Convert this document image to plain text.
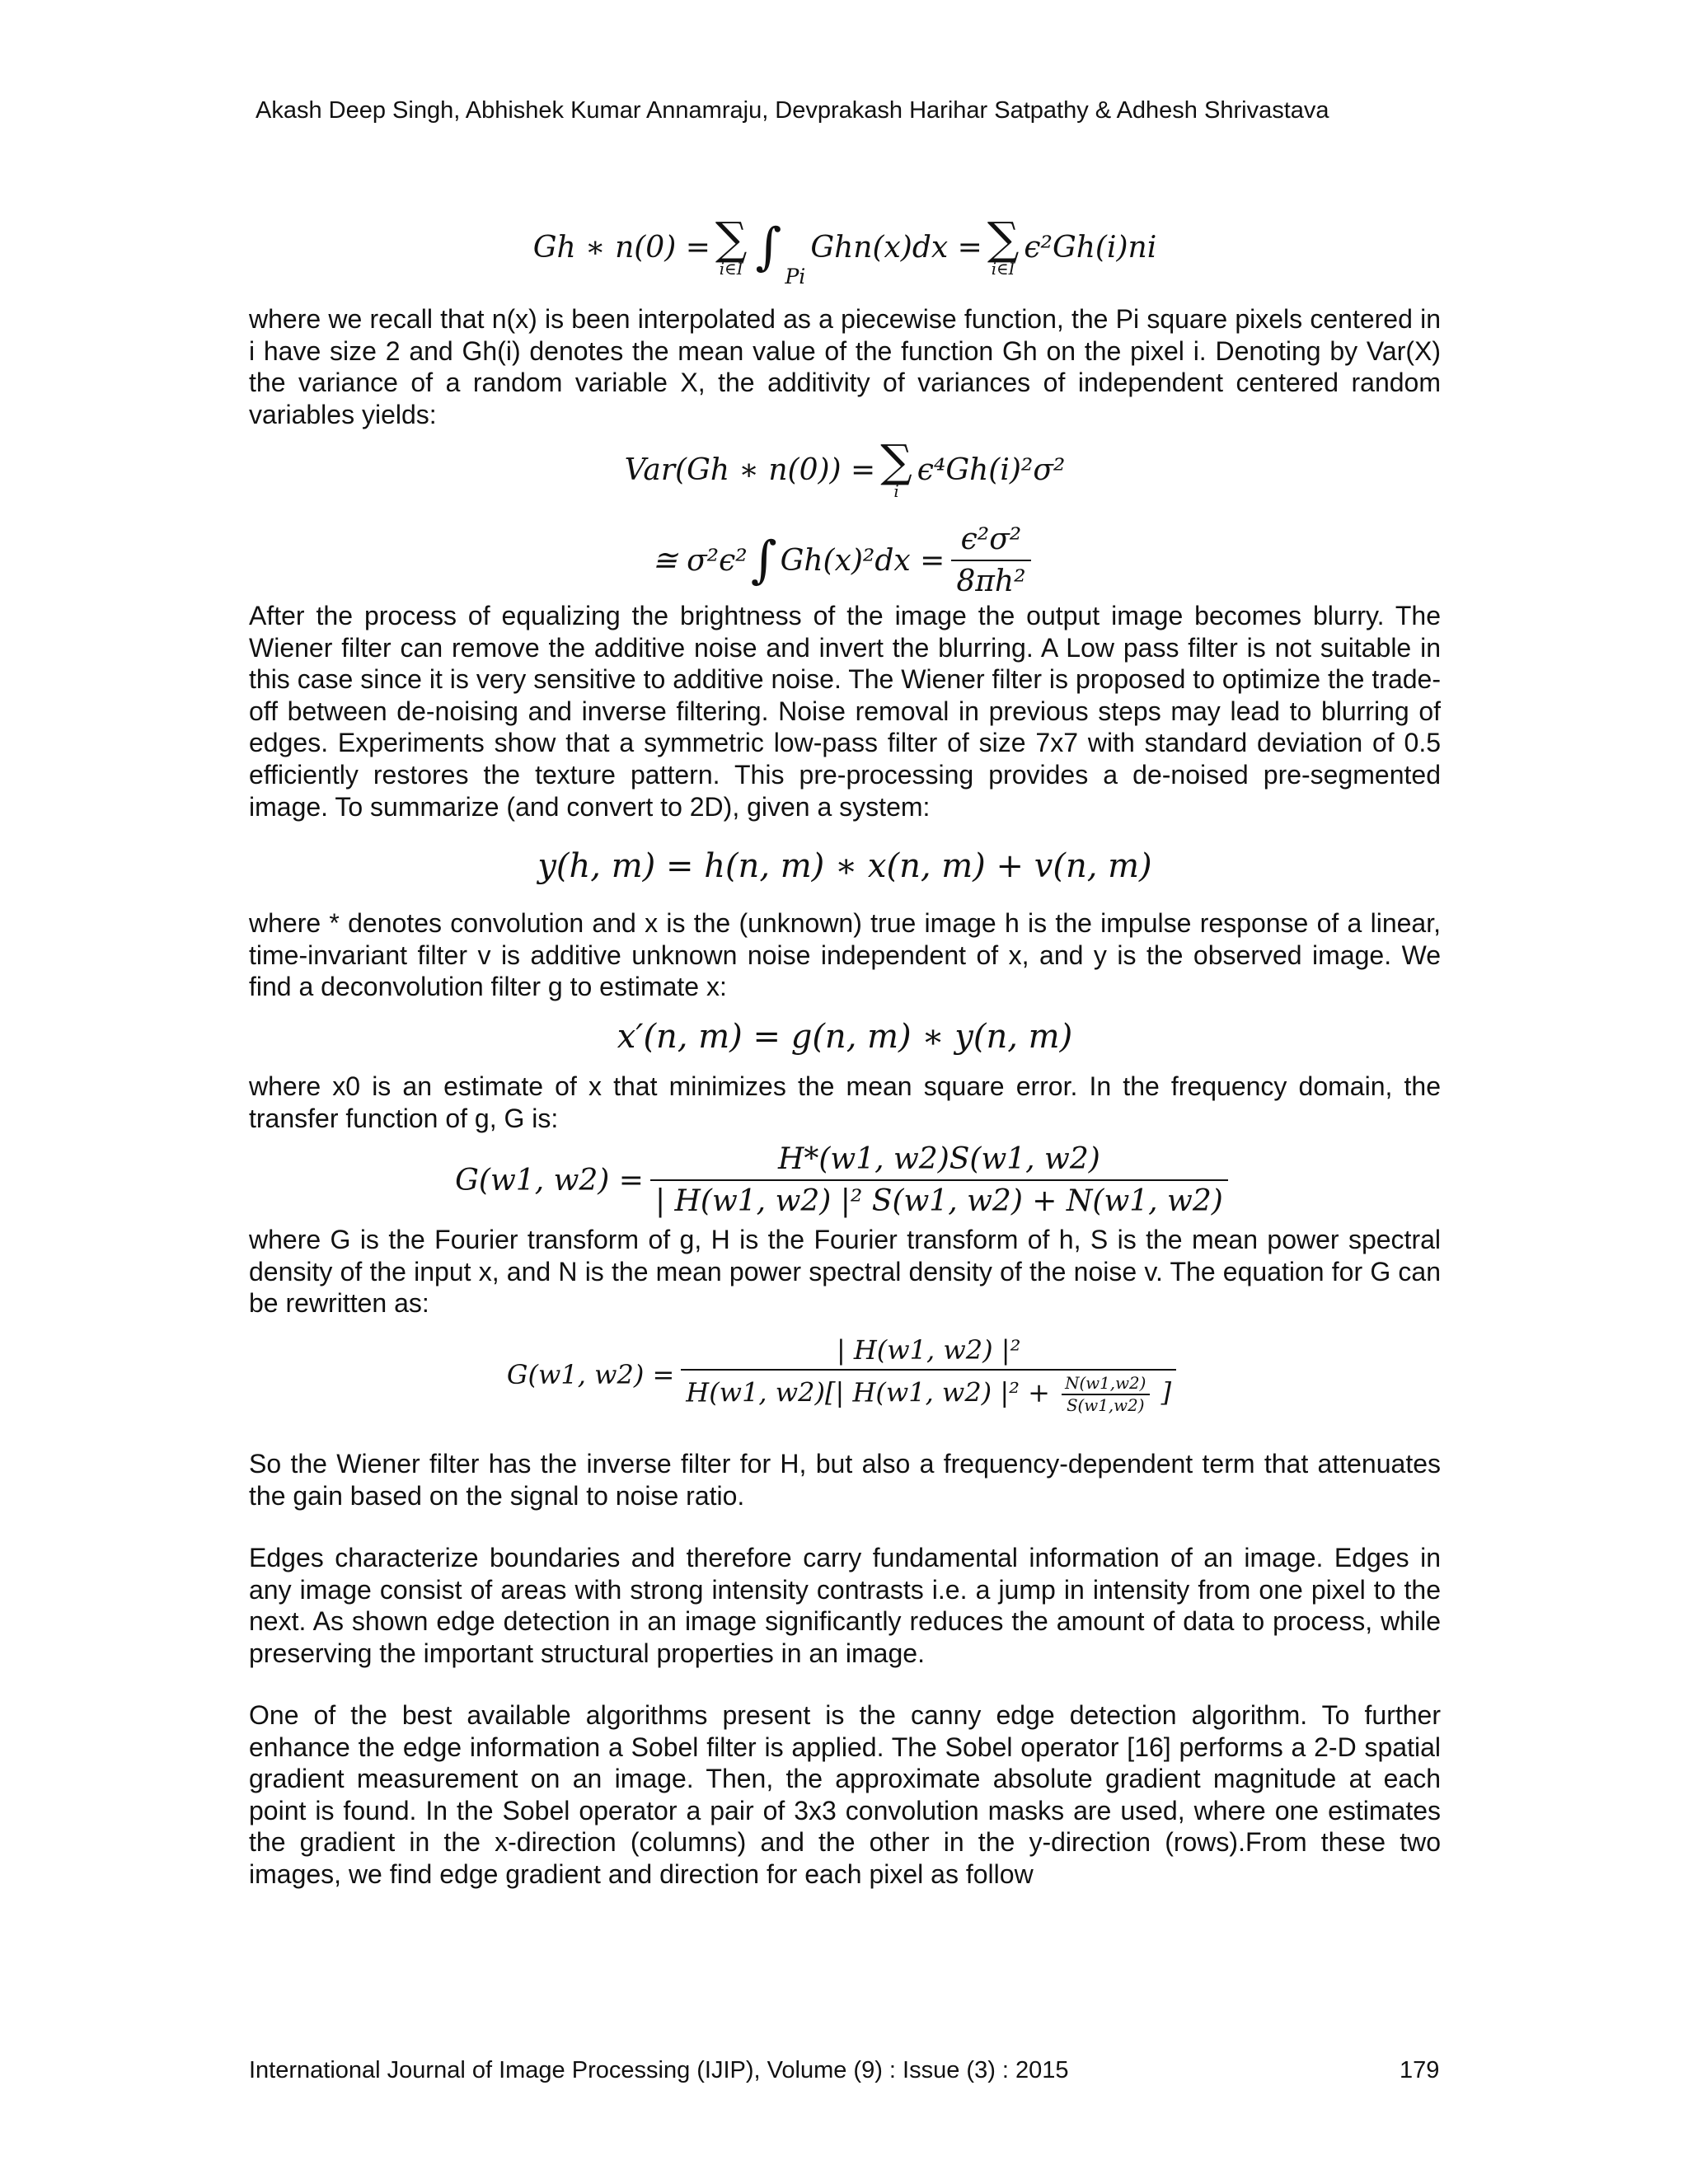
Akash Deep Singh, Abhishek Kumar Annamraju, Devprakash Harihar Satpathy & Adhesh Shrivastava
Gh ∗ n(0) = ∑
i∈I ∫
Pi
Ghn(x)dx = ∑
i∈I
ϵ²Gh(i)ni
where we recall that n(x) is been interpolated as a piecewise function, the Pi square pixels centered in i have size 2 and Gh(i) denotes the mean value of the function Gh on the pixel i. Denoting by Var(X) the variance of a random variable X, the additivity of variances of independent centered random variables yields:
Var(Gh ∗ n(0)) = ∑
i
ϵ⁴Gh(i)²σ²
≅ σ²ϵ² ∫ $Gh(x)^2dx = \frac{\text{ϵ²σ²}}{\text{8πh²}}$
After the process of equalizing the brightness of the image the output image becomes blurry. The Wiener filter can remove the additive noise and invert the blurring. A Low pass filter is not suitable in this case since it is very sensitive to additive noise. The Wiener filter is proposed to optimize the trade-off between de-noising and inverse filtering. Noise removal in previous steps may lead to blurring of edges. Experiments show that a symmetric low-pass filter of size 7x7 with standard deviation of 0.5 efficiently restores the texture pattern. This pre-processing provides a de-noised pre-segmented image. To summarize (and convert to 2D), given a system:
y(h, m) = h(n, m) ∗ x(n, m) + v(n, m)
where * denotes convolution and x is the (unknown) true image h is the impulse response of a linear, time-invariant filter v is additive unknown noise independent of x, and y is the observed image. We find a deconvolution filter g to estimate x:
x′(n, m) = g(n, m) ∗ y(n, m)
where x0 is an estimate of x that minimizes the mean square error. In the frequency domain, the transfer function of g, G is:
G(w1, $w2) = \frac{H*(w1, w2)S(w1, w2)}{\text{| H(w1, w2) |² S(w1, w2) + N(w1, w2)}}$
where G is the Fourier transform of g, H is the Fourier transform of h, S is the mean power spectral density of the input x, and N is the mean power spectral density of the noise v. The equation for G can be rewritten as:
G(w1, w2) =
| H(w1, w2) |²
H(w1, w2)[| H(w1, w2) $|^2 + \frac{N(w1,w2)}{S(w1,w2)}$ ]
So the Wiener filter has the inverse filter for H, but also a frequency-dependent term that attenuates the gain based on the signal to noise ratio.
Edges characterize boundaries and therefore carry fundamental information of an image. Edges in any image consist of areas with strong intensity contrasts i.e. a jump in intensity from one pixel to the next. As shown edge detection in an image significantly reduces the amount of data to process, while preserving the important structural properties in an image.
One of the best available algorithms present is the canny edge detection algorithm. To further enhance the edge information a Sobel filter is applied. The Sobel operator [16] performs a 2-D spatial gradient measurement on an image. Then, the approximate absolute gradient magnitude at each point is found. In the Sobel operator a pair of 3x3 convolution masks are used, where one estimates the gradient in the x-direction (columns) and the other in the y-direction (rows).From these two images, we find edge gradient and direction for each pixel as follow
International Journal of Image Processing (IJIP), Volume (9) : Issue (3) : 2015	179
